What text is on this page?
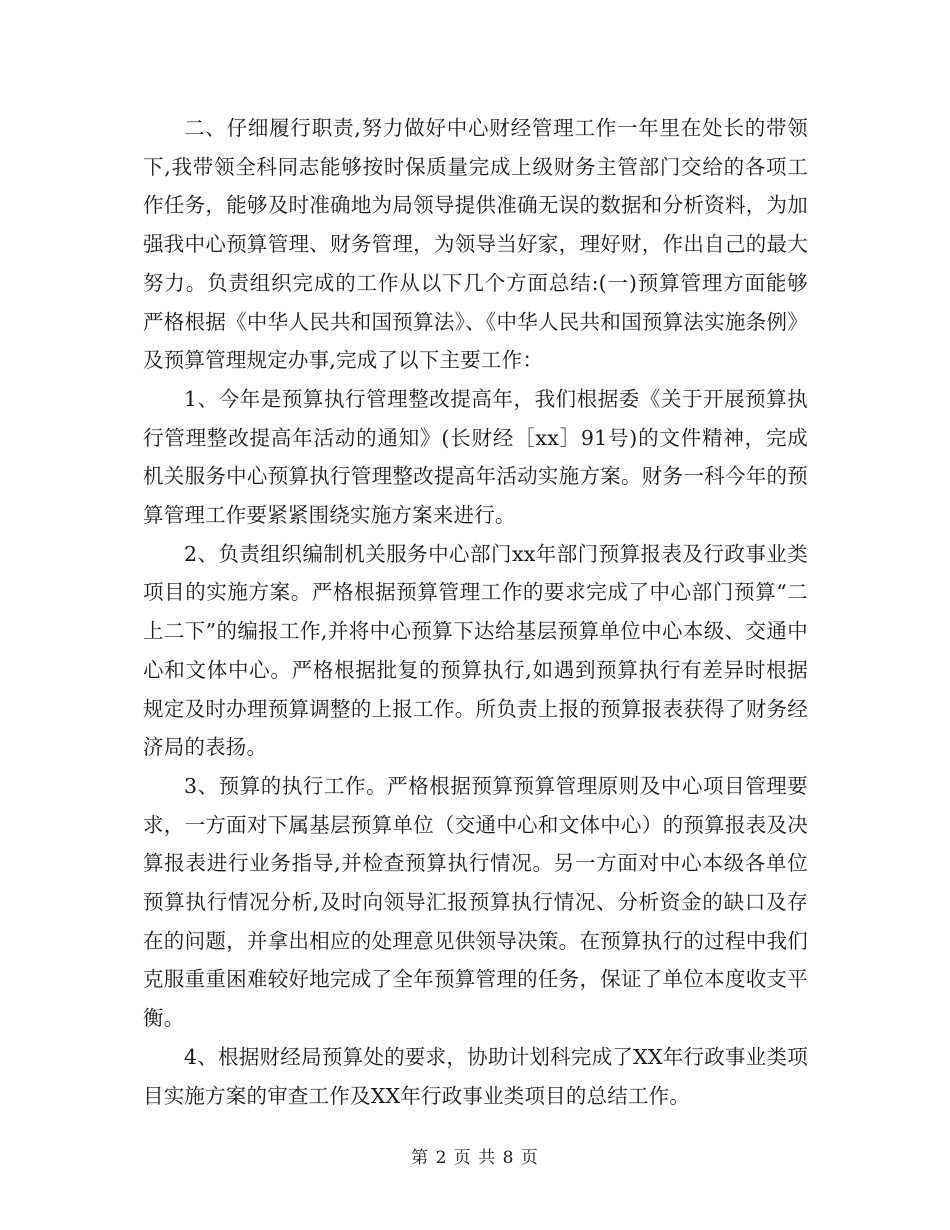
二、仔细履行职责,努力做好中心财经管理工作一年里在处长的带领下,我带领全科同志能够按时保质量完成上级财务主管部门交给的各项工作任务，能够及时准确地为局领导提供准确无误的数据和分析资料，为加强我中心预算管理、财务管理，为领导当好家，理好财，作出自己的最大努力。负责组织完成的工作从以下几个方面总结:(一)预算管理方面能够严格根据《中华人民共和国预算法》、《中华人民共和国预算法实施条例》及预算管理规定办事,完成了以下主要工作：

1、今年是预算执行管理整改提高年，我们根据委《关于开展预算执行管理整改提高年活动的通知》(长财经［xx］91号)的文件精神，完成机关服务中心预算执行管理整改提高年活动实施方案。财务一科今年的预算管理工作要紧紧围绕实施方案来进行。

2、负责组织编制机关服务中心部门xx年部门预算报表及行政事业类项目的实施方案。严格根据预算管理工作的要求完成了中心部门预算“二上二下”的编报工作,并将中心预算下达给基层预算单位中心本级、交通中心和文体中心。严格根据批复的预算执行,如遇到预算执行有差异时根据规定及时办理预算调整的上报工作。所负责上报的预算报表获得了财务经济局的表扬。

3、预算的执行工作。严格根据预算预算管理原则及中心项目管理要求，一方面对下属基层预算单位（交通中心和文体中心）的预算报表及决算报表进行业务指导,并检查预算执行情况。另一方面对中心本级各单位预算执行情况分析,及时向领导汇报预算执行情况、分析资金的缺口及存在的问题，并拿出相应的处理意见供领导决策。在预算执行的过程中我们克服重重困难较好地完成了全年预算管理的任务，保证了单位本度收支平衡。

4、根据财经局预算处的要求，协助计划科完成了XX年行政事业类项目实施方案的审查工作及XX年行政事业类项目的总结工作。

第 2 页 共 8 页
